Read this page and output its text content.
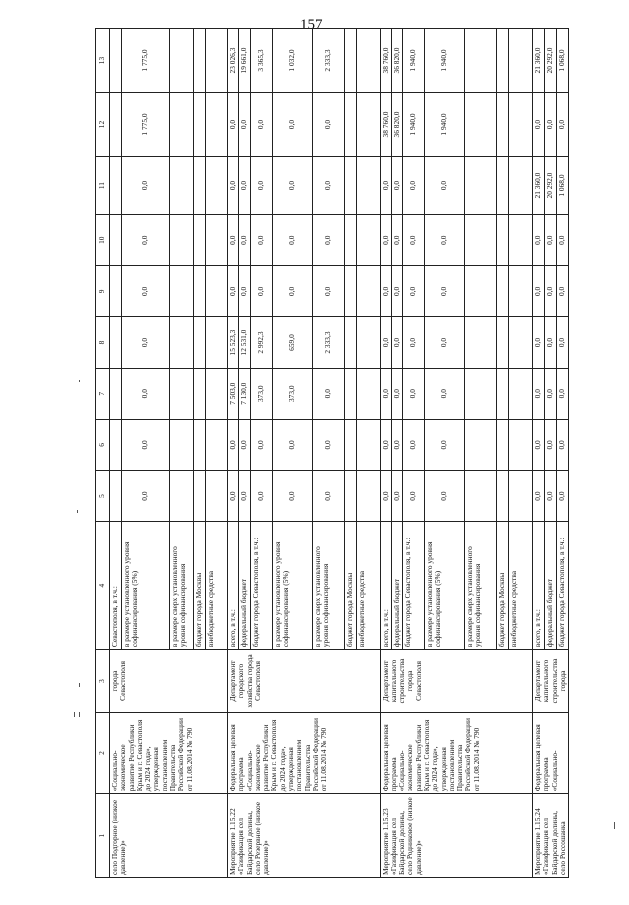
157
1	2	3	4	5	6	7	8	9	10	11	12	13
село Подгорное (низкое давление)»	«Социально-экономическое развитие Республики Крым и г. Севастополя до 2024 года», утвержденная постановлением Правительства Российской Федерации от 11.08.2014 № 790	города Севастополя	Севастополя, в т.ч.:									
			в размере установленного уровня софинансирования (5%)	0,0	0,0	0,0	0,0	0,0	0,0	0,0	1 775,0	1 775,0
			в размере сверх установленного уровня софинансирования									
			бюджет города Москвы									
			внебюджетные средства									
Мероприятие 1.15.22 «Газификация сел Байдарской долины, село Резервное (низкое давление)»	Федеральная целевая программа «Социально-экономическое развитие Республики Крым и г. Севастополя до 2024 года», утвержденная постановлением Правительства Российской Федерации от 11.08.2014 № 790	Департамент городского хозяйства города Севастополя	всего, в т.ч.:	0,0	0,0	7 503,0	15 523,3	0,0	0,0	0,0	0,0	23 026,3
			федеральный бюджет	0,0	0,0	7 130,0	12 531,0	0,0	0,0	0,0	0,0	19 661,0
			бюджет города Севастополя, в т.ч.:	0,0	0,0	373,0	2 992,3	0,0	0,0	0,0	0,0	3 365,3
			в размере установленного уровня софинансирования (5%)	0,0	0,0	373,0	659,0	0,0	0,0	0,0	0,0	1 032,0
			в размере сверх установленного уровня софинансирования	0,0	0,0	0,0	2 333,3	0,0	0,0	0,0	0,0	2 333,3
			бюджет города Москвы									
			внебюджетные средства									
Мероприятие 1.15.23 «Газификация сел Байдарской долины, село Родниковое (низкое давление)»	Федеральная целевая программа «Социально-экономическое развитие Республики Крым и г. Севастополя до 2024 года», утвержденная постановлением Правительства Российской Федерации от 11.08.2014 № 790	Департамент капитального строительства города Севастополя	всего, в т.ч.:	0,0	0,0	0,0	0,0	0,0	0,0	0,0	38 760,0	38 760,0
			федеральный бюджет	0,0	0,0	0,0	0,0	0,0	0,0	0,0	36 820,0	36 820,0
			бюджет города Севастополя, в т.ч.:	0,0	0,0	0,0	0,0	0,0	0,0	0,0	1 940,0	1 940,0
			в размере установленного уровня софинансирования (5%)	0,0	0,0	0,0	0,0	0,0	0,0	0,0	1 940,0	1 940,0
			в размере сверх установленного уровня софинансирования									
			бюджет города Москвы									
			внебюджетные средства									
Мероприятие 1.15.24 «Газификация сел Байдарской долины, село Россошанка	Федеральная целевая программа «Социально-	Департамент капитального строительства города	всего, в т.ч.:	0,0	0,0	0,0	0,0	0,0	0,0	21 360,0	0,0	21 360,0
			федеральный бюджет	0,0	0,0	0,0	0,0	0,0	0,0	20 292,0	0,0	20 292,0
			бюджет города Севастополя, в т.ч.:	0,0	0,0	0,0	0,0	0,0	0,0	1 068,0	0,0	1 068,0
